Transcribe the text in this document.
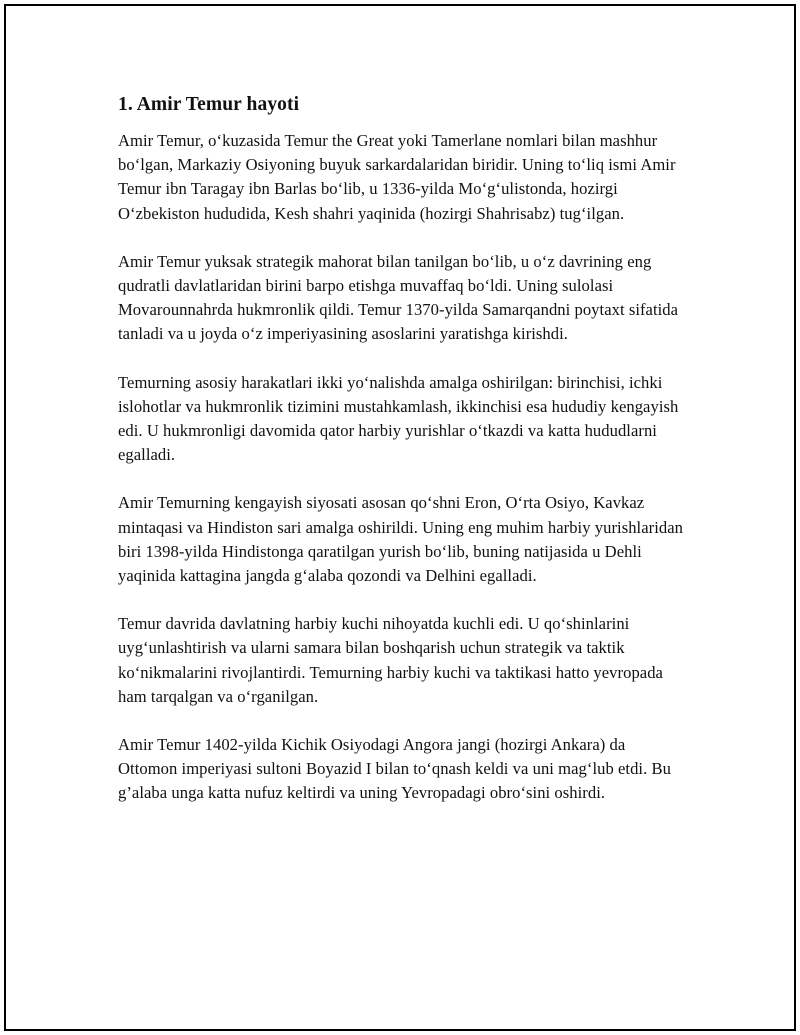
1. Amir Temur hayoti

Amir Temur, o‘kuzasida Temur the Great yoki Tamerlane nomlari bilan mashhur bo‘lgan, Markaziy Osiyoning buyuk sarkardalaridan biridir. Uning to‘liq ismi Amir Temur ibn Taragay ibn Barlas bo‘lib, u 1336-yilda Mo‘g‘ulistonda, hozirgi O‘zbekiston hududida, Kesh shahri yaqinida (hozirgi Shahrisabz) tug‘ilgan.

Amir Temur yuksak strategik mahorat bilan tanilgan bo‘lib, u o‘z davrining eng qudratli davlatlaridan birini barpo etishga muvaffaq bo‘ldi. Uning sulolasi Movarounnahrda hukmronlik qildi. Temur 1370-yilda Samarqandni poytaxt sifatida tanladi va u joyda o‘z imperiyasining asoslarini yaratishga kirishdi.

Temurning asosiy harakatlari ikki yo‘nalishda amalga oshirilgan: birinchisi, ichki islohotlar va hukmronlik tizimini mustahkamlash, ikkinchisi esa hududiy kengayish edi. U hukmronligi davomida qator harbiy yurishlar o‘tkazdi va katta hududlarni egalladi.

Amir Temurning kengayish siyosati asosan qo‘shni Eron, O‘rta Osiyo, Kavkaz mintaqasi va Hindiston sari amalga oshirildi. Uning eng muhim harbiy yurishlaridan biri 1398-yilda Hindistonga qaratilgan yurish bo‘lib, buning natijasida u Dehli yaqinida kattagina jangda g‘alaba qozondi va Delhini egalladi.

Temur davrida davlatning harbiy kuchi nihoyatda kuchli edi. U qo‘shinlarini uyg‘unlashtirish va ularni samara bilan boshqarish uchun strategik va taktik ko‘nikmalarini rivojlantirdi. Temurning harbiy kuchi va taktikasi hatto yevropada ham tarqalgan va o‘rganilgan.

Amir Temur 1402-yilda Kichik Osiyodagi Angora jangi (hozirgi Ankara) da Ottomon imperiyasi sultoni Boyazid I bilan to‘qnash keldi va uni mag‘lub etdi. Bu g’alaba unga katta nufuz keltirdi va uning Yevropadagi obro‘sini oshirdi.
